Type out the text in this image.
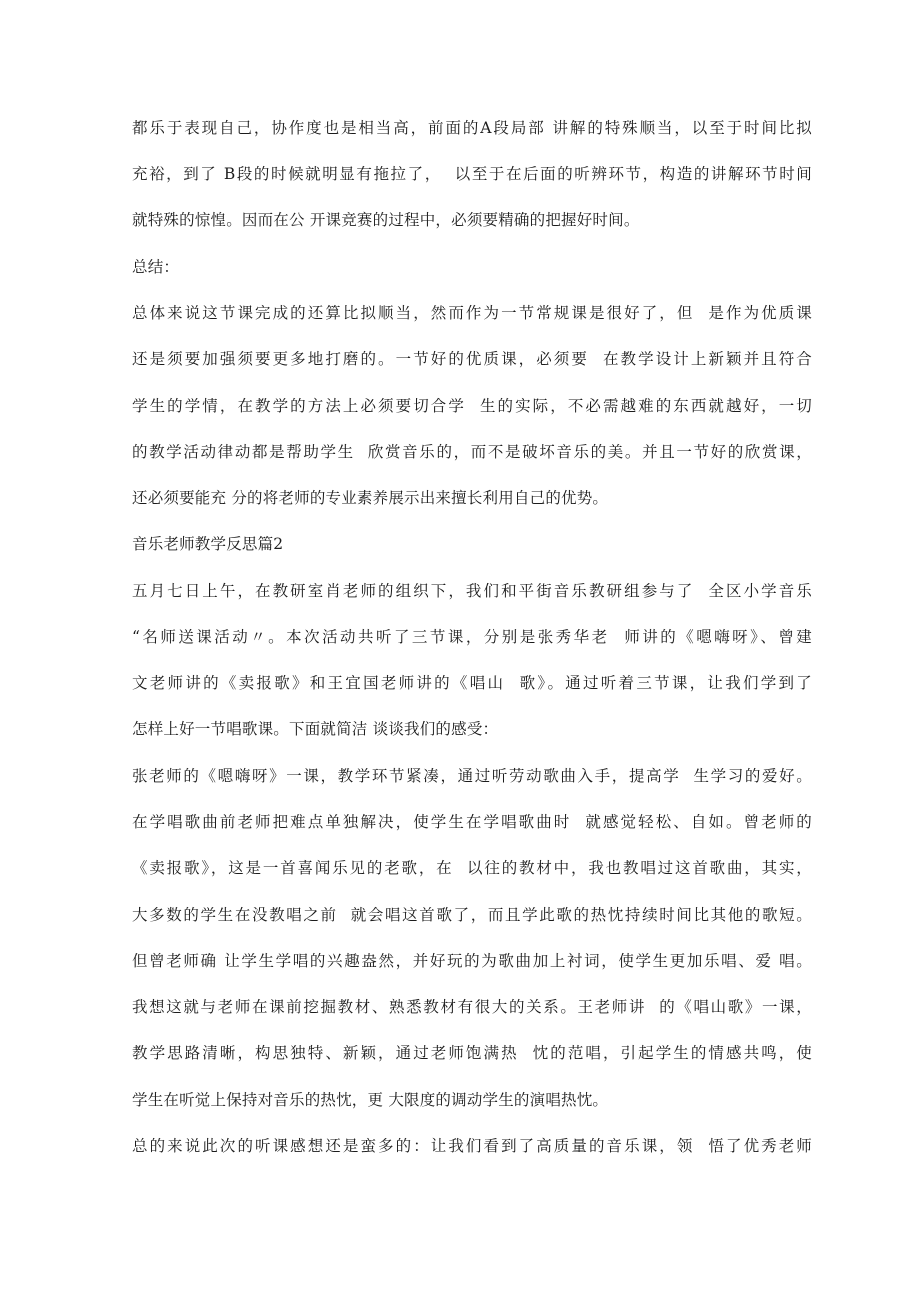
都乐于表现自己，协作度也是相当高，前面的A段局部 讲解的特殊顺当，以至于时间比拟
充裕，到了 B段的时候就明显有拖拉了，  以至于在后面的听辨环节，构造的讲解环节时间
就特殊的惊惶。因而在公 开课竞赛的过程中，必须要精确的把握好时间。
总结：
总体来说这节课完成的还算比拟顺当，然而作为一节常规课是很好了，但  是作为优质课
还是须要加强须要更多地打磨的。一节好的优质课，必须要  在教学设计上新颖并且符合
学生的学情，在教学的方法上必须要切合学  生的实际，不必需越难的东西就越好，一切
的教学活动律动都是帮助学生  欣赏音乐的，而不是破坏音乐的美。并且一节好的欣赏课，
还必须要能充 分的将老师的专业素养展示出来擅长利用自己的优势。
音乐老师教学反思篇2
五月七日上午，在教研室肖老师的组织下，我们和平街音乐教研组参与了  全区小学音乐
“名师送课活动〃。本次活动共听了三节课，分别是张秀华老  师讲的《嗯嗨呀》、曾建
文老师讲的《卖报歌》和王宜国老师讲的《唱山  歌》。通过听着三节课，让我们学到了
怎样上好一节唱歌课。下面就简洁 谈谈我们的感受：
张老师的《嗯嗨呀》一课，教学环节紧凑，通过听劳动歌曲入手，提高学  生学习的爱好。
在学唱歌曲前老师把难点单独解决，使学生在学唱歌曲时  就感觉轻松、自如。曾老师的
《卖报歌》，这是一首喜闻乐见的老歌，在  以往的教材中，我也教唱过这首歌曲，其实，
大多数的学生在没教唱之前  就会唱这首歌了，而且学此歌的热忱持续时间比其他的歌短。
但曾老师确 让学生学唱的兴趣盎然，并好玩的为歌曲加上衬词，使学生更加乐唱、爱 唱。
我想这就与老师在课前挖掘教材、熟悉教材有很大的关系。王老师讲  的《唱山歌》一课，
教学思路清晰，构思独特、新颖，通过老师饱满热  忱的范唱，引起学生的情感共鸣，使
学生在听觉上保持对音乐的热忱，更 大限度的调动学生的演唱热忱。
总的来说此次的听课感想还是蛮多的：让我们看到了高质量的音乐课，领  悟了优秀老师
